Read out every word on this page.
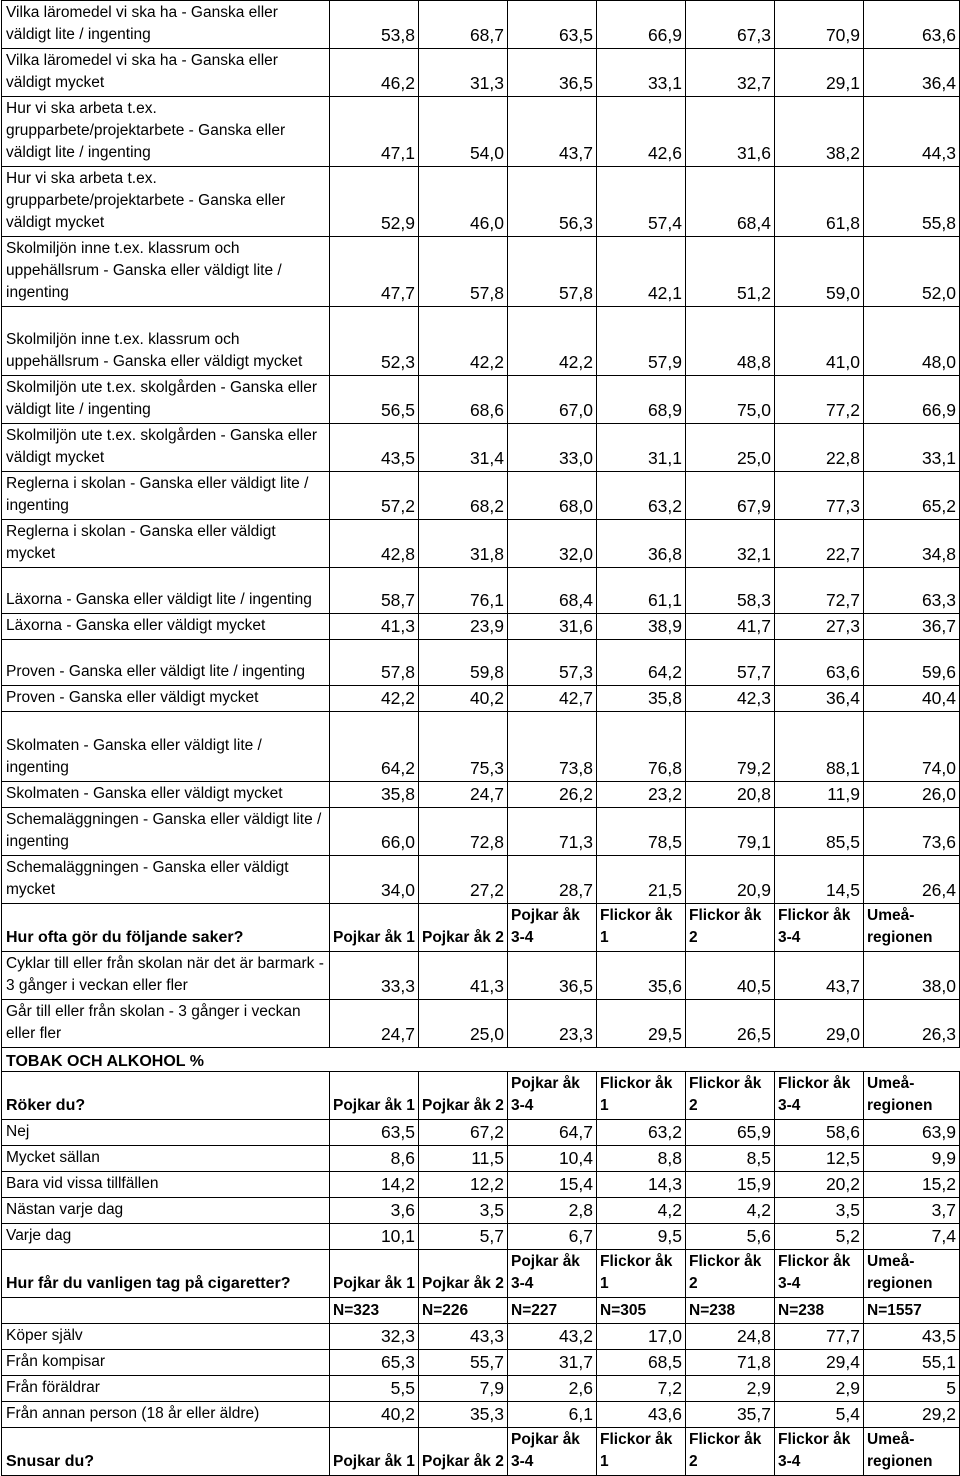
Vilka läromedel vi ska ha - Ganska eller väldigt lite / ingenting	53,8	68,7	63,5	66,9	67,3	70,9	63,6
Vilka läromedel vi ska ha - Ganska eller väldigt mycket	46,2	31,3	36,5	33,1	32,7	29,1	36,4
Hur vi ska arbeta t.ex. grupparbete/projektarbete - Ganska eller väldigt lite / ingenting	47,1	54,0	43,7	42,6	31,6	38,2	44,3
Hur vi ska arbeta t.ex. grupparbete/projektarbete - Ganska eller väldigt mycket	52,9	46,0	56,3	57,4	68,4	61,8	55,8
Skolmiljön inne t.ex. klassrum och uppehällsrum - Ganska eller väldigt lite / ingenting	47,7	57,8	57,8	42,1	51,2	59,0	52,0
Skolmiljön inne t.ex. klassrum och uppehällsrum - Ganska eller väldigt mycket	52,3	42,2	42,2	57,9	48,8	41,0	48,0
Skolmiljön ute t.ex. skolgården - Ganska eller väldigt lite / ingenting	56,5	68,6	67,0	68,9	75,0	77,2	66,9
Skolmiljön ute t.ex. skolgården - Ganska eller väldigt mycket	43,5	31,4	33,0	31,1	25,0	22,8	33,1
Reglerna i skolan - Ganska eller väldigt lite / ingenting	57,2	68,2	68,0	63,2	67,9	77,3	65,2
Reglerna i skolan - Ganska eller väldigt mycket	42,8	31,8	32,0	36,8	32,1	22,7	34,8
Läxorna - Ganska eller väldigt lite / ingenting	58,7	76,1	68,4	61,1	58,3	72,7	63,3
Läxorna - Ganska eller väldigt mycket	41,3	23,9	31,6	38,9	41,7	27,3	36,7
Proven - Ganska eller väldigt lite / ingenting	57,8	59,8	57,3	64,2	57,7	63,6	59,6
Proven - Ganska eller väldigt mycket	42,2	40,2	42,7	35,8	42,3	36,4	40,4
Skolmaten - Ganska eller väldigt lite / ingenting	64,2	75,3	73,8	76,8	79,2	88,1	74,0
Skolmaten - Ganska eller väldigt mycket	35,8	24,7	26,2	23,2	20,8	11,9	26,0
Schemaläggningen - Ganska eller väldigt lite / ingenting	66,0	72,8	71,3	78,5	79,1	85,5	73,6
Schemaläggningen - Ganska eller väldigt mycket	34,0	27,2	28,7	21,5	20,9	14,5	26,4
Hur ofta gör du följande saker?	Pojkar åk 1	Pojkar åk 2	Pojkar åk 3-4	Flickor åk 1	Flickor åk 2	Flickor åk 3-4	Umeå-regionen
Cyklar till eller från skolan när det är barmark - 3 gånger i veckan eller fler	33,3	41,3	36,5	35,6	40,5	43,7	38,0
Går till eller från skolan - 3 gånger i veckan eller fler	24,7	25,0	23,3	29,5	26,5	29,0	26,3
TOBAK OCH ALKOHOL %							
Röker du?	Pojkar åk 1	Pojkar åk 2	Pojkar åk 3-4	Flickor åk 1	Flickor åk 2	Flickor åk 3-4	Umeå-regionen
Nej	63,5	67,2	64,7	63,2	65,9	58,6	63,9
Mycket sällan	8,6	11,5	10,4	8,8	8,5	12,5	9,9
Bara vid vissa tillfällen	14,2	12,2	15,4	14,3	15,9	20,2	15,2
Nästan varje dag	3,6	3,5	2,8	4,2	4,2	3,5	3,7
Varje dag	10,1	5,7	6,7	9,5	5,6	5,2	7,4
Hur får du vanligen tag på cigaretter?	Pojkar åk 1	Pojkar åk 2	Pojkar åk 3-4	Flickor åk 1	Flickor åk 2	Flickor åk 3-4	Umeå-regionen
	N=323	N=226	N=227	N=305	N=238	N=238	N=1557
Köper själv	32,3	43,3	43,2	17,0	24,8	77,7	43,5
Från kompisar	65,3	55,7	31,7	68,5	71,8	29,4	55,1
Från föräldrar	5,5	7,9	2,6	7,2	2,9	2,9	5
Från annan person (18 år eller äldre)	40,2	35,3	6,1	43,6	35,7	5,4	29,2
Snusar du?	Pojkar åk 1	Pojkar åk 2	Pojkar åk 3-4	Flickor åk 1	Flickor åk 2	Flickor åk 3-4	Umeå-regionen
